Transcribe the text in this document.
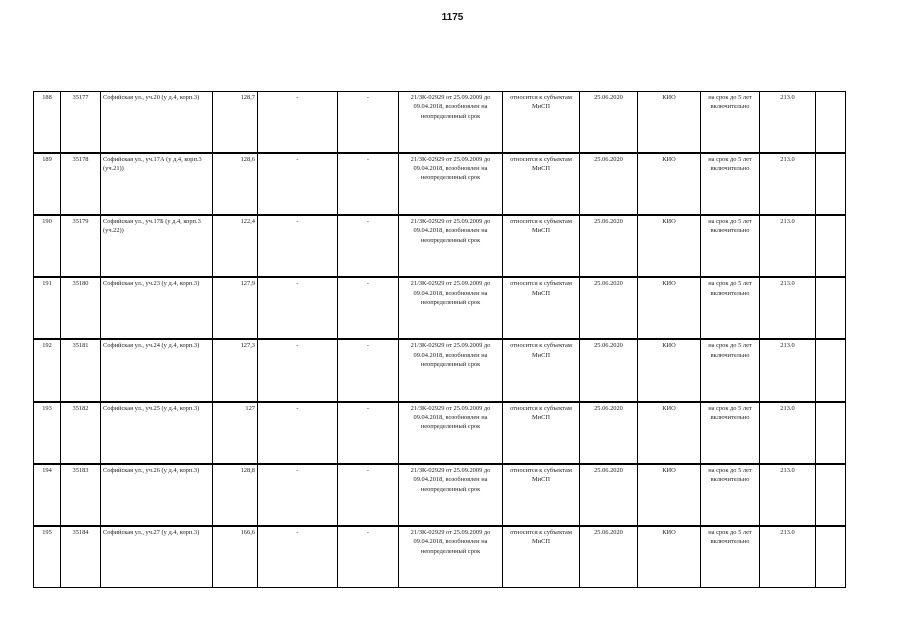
1175
188	35177	Софийская ул., уч.20 (у д.4, корп.3)	128,7	-	-	21/ЗК-02929 от 25.09.2009 до 09.04.2018, возобновлен на неопределенный срок	относится к субъектам МиСП	25.06.2020	КИО	на срок до 5 лет включительно	213.0	
189	35178	Софийская ул., уч.17А (у д.4, корп.3 (уч.21))	128,6	-	-	21/ЗК-02929 от 25.09.2009 до 09.04.2018, возобновлен на неопределенный срок	относится к субъектам МиСП	25.06.2020	КИО	на срок до 5 лет включительно	213.0	
190	35179	Софийская ул., уч.17Б (у д.4, корп.3 (уч.22))	122,4	-	-	21/ЗК-02929 от 25.09.2009 до 09.04.2018, возобновлен на неопределенный срок	относится к субъектам МиСП	25.06.2020	КИО	на срок до 5 лет включительно	213.0	
191	35180	Софийская ул., уч.23 (у д.4, корп.3)	127,9	-	-	21/ЗК-02929 от 25.09.2009 до 09.04.2018, возобновлен на неопределенный срок	относится к субъектам МиСП	25.06.2020	КИО	на срок до 5 лет включительно	213.0	
192	35181	Софийская ул., уч.24 (у д.4, корп.3)	127,3	-	-	21/ЗК-02929 от 25.09.2009 до 09.04.2018, возобновлен на неопределенный срок	относится к субъектам МиСП	25.06.2020	КИО	на срок до 5 лет включительно	213.0	
193	35182	Софийская ул., уч.25 (у д.4, корп.3)	127	-	-	21/ЗК-02929 от 25.09.2009 до 09.04.2018, возобновлен на неопределенный срок	относится к субъектам МиСП	25.06.2020	КИО	на срок до 5 лет включительно	213.0	
194	35183	Софийская ул., уч.26 (у д.4, корп.3)	128,8	-	-	21/ЗК-02929 от 25.09.2009 до 09.04.2018, возобновлен на неопределенный срок	относится к субъектам МиСП	25.06.2020	КИО	на срок до 5 лет включительно	213.0	
195	35184	Софийская ул., уч.27 (у д.4, корп.3)	166,6	-	-	21/ЗК-02929 от 25.09.2009 до 09.04.2018, возобновлен на неопределенный срок	относится к субъектам МиСП	25.06.2020	КИО	на срок до 5 лет включительно	213.0	
